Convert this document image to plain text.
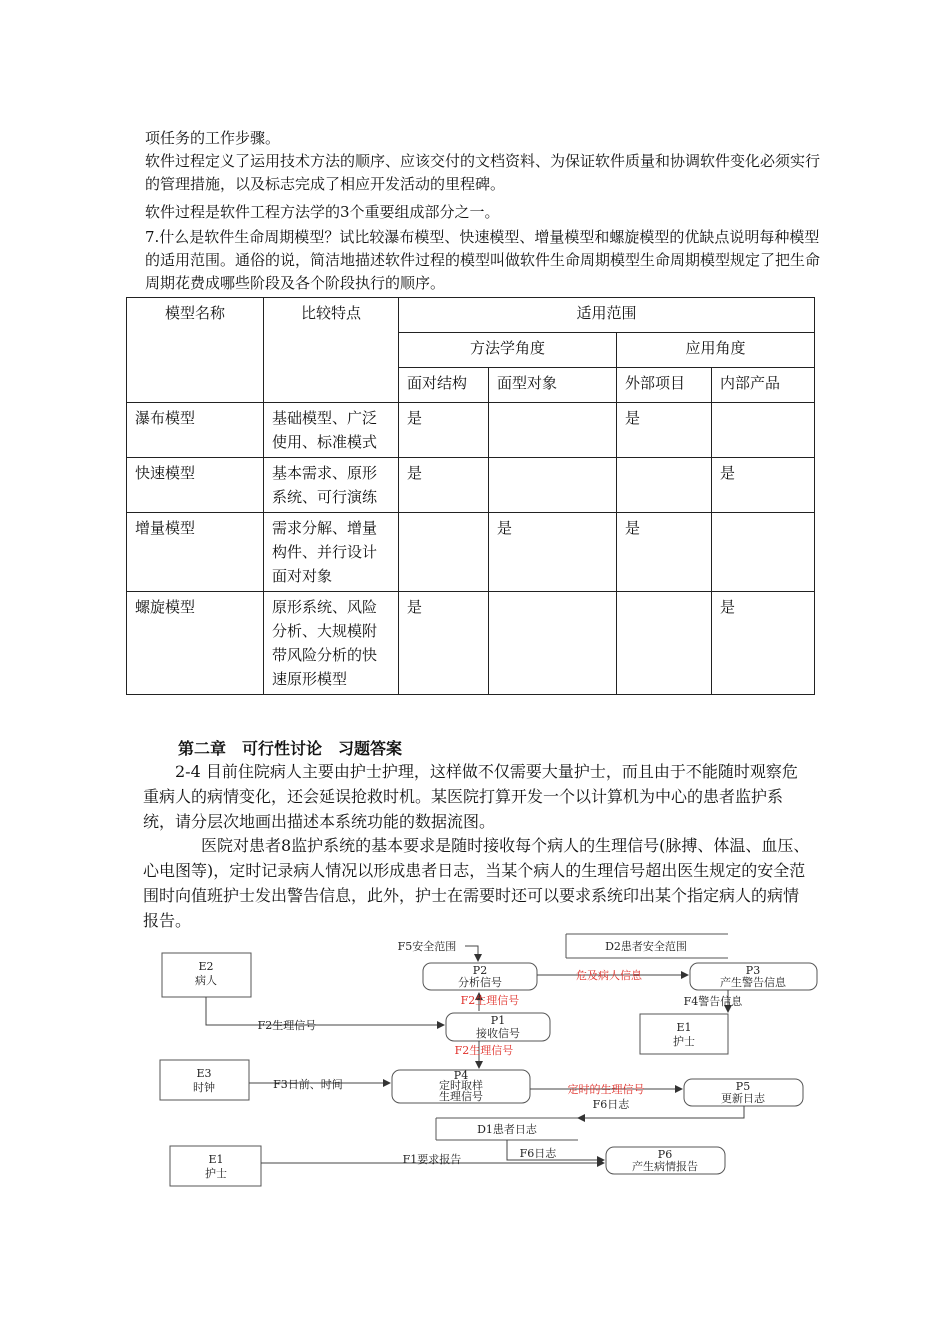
项任务的工作步骤。

软件过程定义了运用技术方法的顺序、应该交付的文档资料、为保证软件质量和协调软件变化必须实行的管理措施，以及标志完成了相应开发活动的里程碑。

软件过程是软件工程方法学的3个重要组成部分之一。

7.什么是软件生命周期模型？试比较瀑布模型、快速模型、增量模型和螺旋模型的优缺点说明每种模型的适用范围。通俗的说，简洁地描述软件过程的模型叫做软件生命周期模型生命周期模型规定了把生命周期花费成哪些阶段及各个阶段执行的顺序。

模型名称	比较特点	适用范围			
		方法学角度		应用角度	
		面对结构	面型对象	外部项目	内部产品
瀑布模型	基础模型、广泛使用、标准模式	是		是	
快速模型	基本需求、原形系统、可行演练	是			是
增量模型	需求分解、增量构件、并行设计面对对象		是	是	
螺旋模型	原形系统、风险分析、大规模附带风险分析的快速原形模型	是			是
第二章　可行性讨论　习题答案

2-4 目前住院病人主要由护士护理，这样做不仅需要大量护士，而且由于不能随时观察危重病人的病情变化，还会延误抢救时机。某医院打算开发一个以计算机为中心的患者监护系统，请分层次地画出描述本系统功能的数据流图。

医院对患者8监护系统的基本要求是随时接收每个病人的生理信号(脉搏、体温、血压、心电图等)，定时记录病人情况以形成患者日志，当某个病人的生理信号超出医生规定的安全范围时向值班护士发出警告信息，此外，护士在需要时还可以要求系统印出某个指定病人的病情报告。

E2
病人
E3
时钟
E1
护士
E1
护士
P2
分析信号
P3
产生警告信息
P1
接收信号
P4
定时取样
生理信号
P5
更新日志
P6
产生病情报告
D2患者安全范围
D1患者日志
F5安全范围
F2生理信号
F4警告信息
F3日前、时间
F6日志
F6日志
F1要求报告
F2生理信号
F2生理信号
危及病人信息
定时的生理信号
